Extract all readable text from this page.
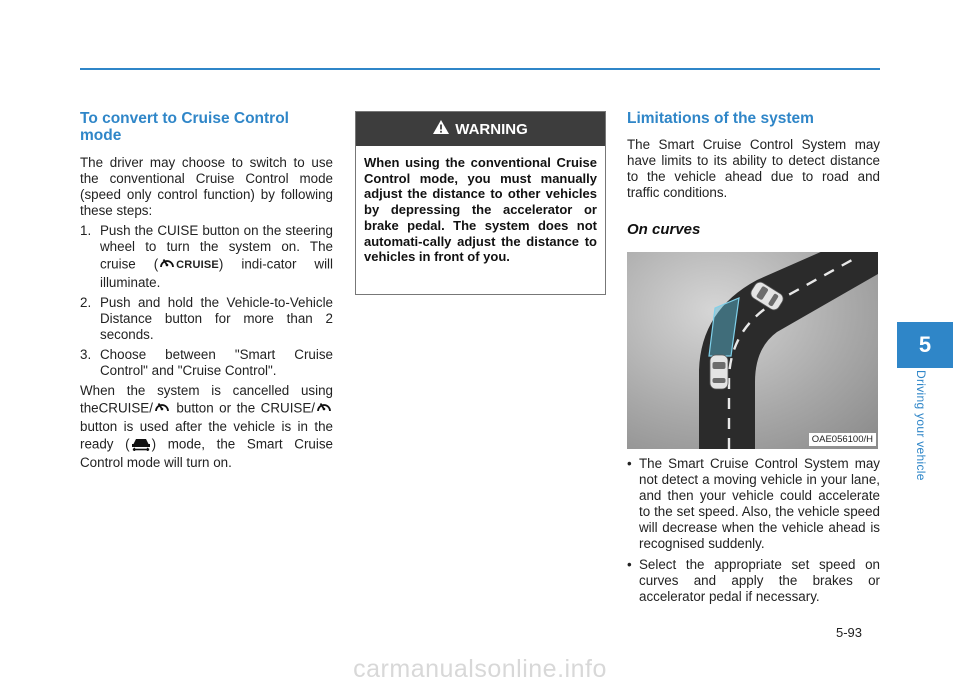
To convert to Cruise Control mode

The driver may choose to switch to use the conventional Cruise Control mode (speed only control function) by following these steps:

1. Push the CUISE button on the steering wheel to turn the system on. The cruise ( CRUISE) indi-cator will illuminate.
2. Push and hold the Vehicle-to-Vehicle Distance button for more than 2 seconds.
3. Choose between "Smart Cruise Control" and "Cruise Control".

When the system is cancelled using theCRUISE/ button or the CRUISE/ button is used after the vehicle is in the ready ( ) mode, the Smart Cruise Control mode will turn on.

WARNING
When using the conventional Cruise Control mode, you must manually adjust the distance to other vehicles by depressing the accelerator or brake pedal. The system does not automati-cally adjust the distance to vehicles in front of you.
Limitations of the system

The Smart Cruise Control System may have limits to its ability to detect distance to the vehicle ahead due to road and traffic conditions.

On curves
OAE056100/H
• The Smart Cruise Control System may not detect a moving vehicle in your lane, and then your vehicle could accelerate to the set speed. Also, the vehicle speed will decrease when the vehicle ahead is recognised suddenly.
• Select the appropriate set speed on curves and apply the brakes or accelerator pedal if necessary.
5
Driving your vehicle
5-93
carmanualsonline.info
